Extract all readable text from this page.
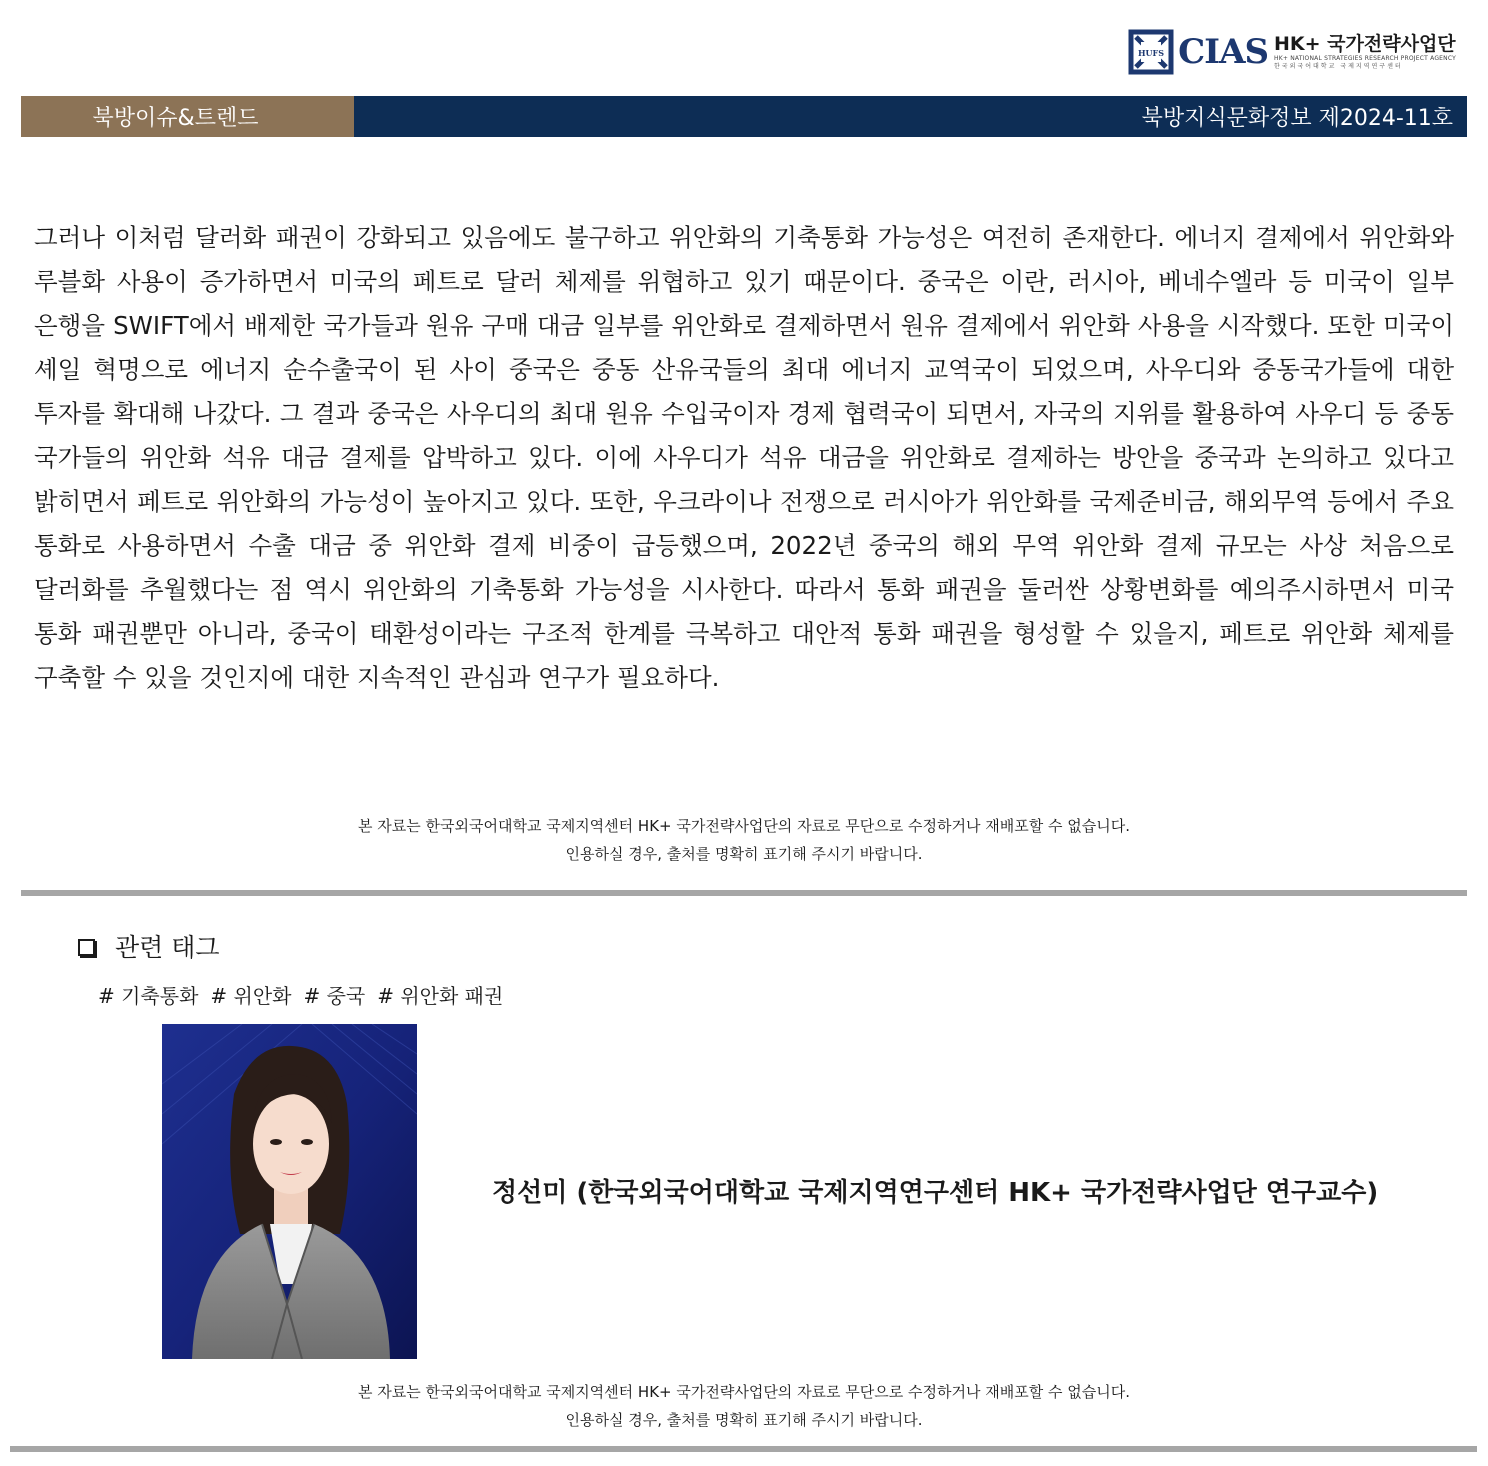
HUFS CIAS HK+ 국가전략사업단
HK+ NATIONAL STRATEGIES RESEARCH PROJECT AGENCY
한국외국어대학교 국제지역연구센터
북방이슈&트렌드	북방지식문화정보 제2024-11호

그러나 이처럼 달러화 패권이 강화되고 있음에도 불구하고 위안화의 기축통화 가능성은 여전히 존재한다. 에너지 결제에서 위안화와 루블화 사용이 증가하면서 미국의 페트로 달러 체제를 위협하고 있기 때문이다. 중국은 이란, 러시아, 베네수엘라 등 미국이 일부 은행을 SWIFT에서 배제한 국가들과 원유 구매 대금 일부를 위안화로 결제하면서 원유 결제에서 위안화 사용을 시작했다. 또한 미국이 셰일 혁명으로 에너지 순수출국이 된 사이 중국은 중동 산유국들의 최대 에너지 교역국이 되었으며, 사우디와 중동국가들에 대한 투자를 확대해 나갔다. 그 결과 중국은 사우디의 최대 원유 수입국이자 경제 협력국이 되면서, 자국의 지위를 활용하여 사우디 등 중동 국가들의 위안화 석유 대금 결제를 압박하고 있다. 이에 사우디가 석유 대금을 위안화로 결제하는 방안을 중국과 논의하고 있다고 밝히면서 페트로 위안화의 가능성이 높아지고 있다. 또한, 우크라이나 전쟁으로 러시아가 위안화를 국제준비금, 해외무역 등에서 주요 통화로 사용하면서 수출 대금 중 위안화 결제 비중이 급등했으며, 2022년 중국의 해외 무역 위안화 결제 규모는 사상 처음으로 달러화를 추월했다는 점 역시 위안화의 기축통화 가능성을 시사한다. 따라서 통화 패권을 둘러싼 상황변화를 예의주시하면서 미국 통화 패권뿐만 아니라, 중국이 태환성이라는 구조적 한계를 극복하고 대안적 통화 패권을 형성할 수 있을지, 페트로 위안화 체제를 구축할 수 있을 것인지에 대한 지속적인 관심과 연구가 필요하다.

본 자료는 한국외국어대학교 국제지역센터 HK+ 국가전략사업단의 자료로 무단으로 수정하거나 재배포할 수 없습니다.
인용하실 경우, 출처를 명확히 표기해 주시기 바랍니다.
관련 태그
# 기축통화 # 위안화 # 중국 # 위안화 패권
정선미 (한국외국어대학교 국제지역연구센터 HK+ 국가전략사업단 연구교수)
본 자료는 한국외국어대학교 국제지역센터 HK+ 국가전략사업단의 자료로 무단으로 수정하거나 재배포할 수 없습니다.
인용하실 경우, 출처를 명확히 표기해 주시기 바랍니다.
